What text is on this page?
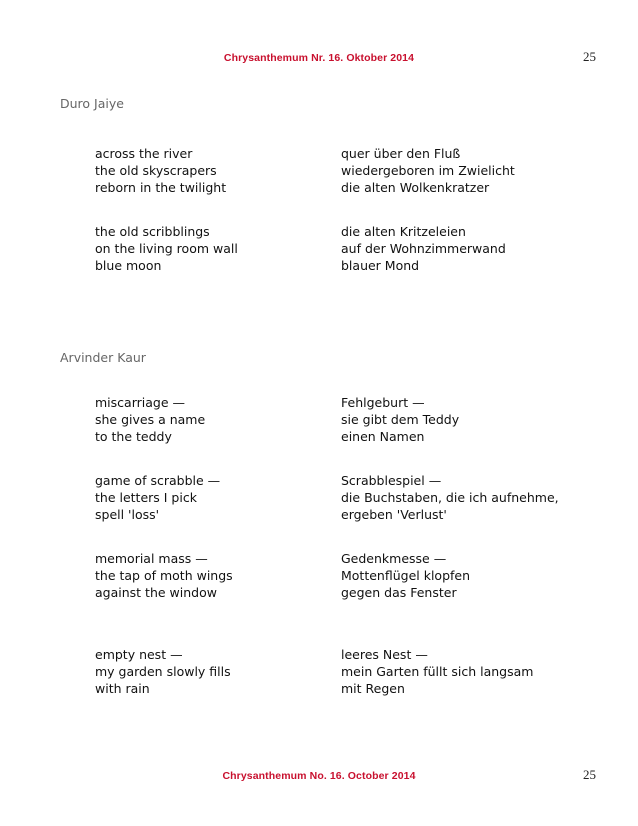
Chrysanthemum Nr. 16. Oktober 2014	25
Duro Jaiye
across the river
the old skyscrapers
reborn in the twilight
quer über den Fluß
wiedergeboren im Zwielicht
die alten Wolkenkratzer
the old scribblings
on the living room wall
blue moon
die alten Kritzeleien
auf der Wohnzimmerwand
blauer Mond
Arvinder Kaur
miscarriage —
she gives a name
to the teddy
Fehlgeburt —
sie gibt dem Teddy
einen Namen
game of scrabble —
the letters I pick
spell 'loss'
Scrabblespiel —
die Buchstaben, die ich aufnehme,
ergeben 'Verlust'
memorial mass —
the tap of moth wings
against the window
Gedenkmesse —
Mottenflügel klopfen
gegen das Fenster
empty nest —
my garden slowly fills
with rain
leeres Nest —
mein Garten füllt sich langsam
mit Regen
Chrysanthemum No. 16. October 2014	25
